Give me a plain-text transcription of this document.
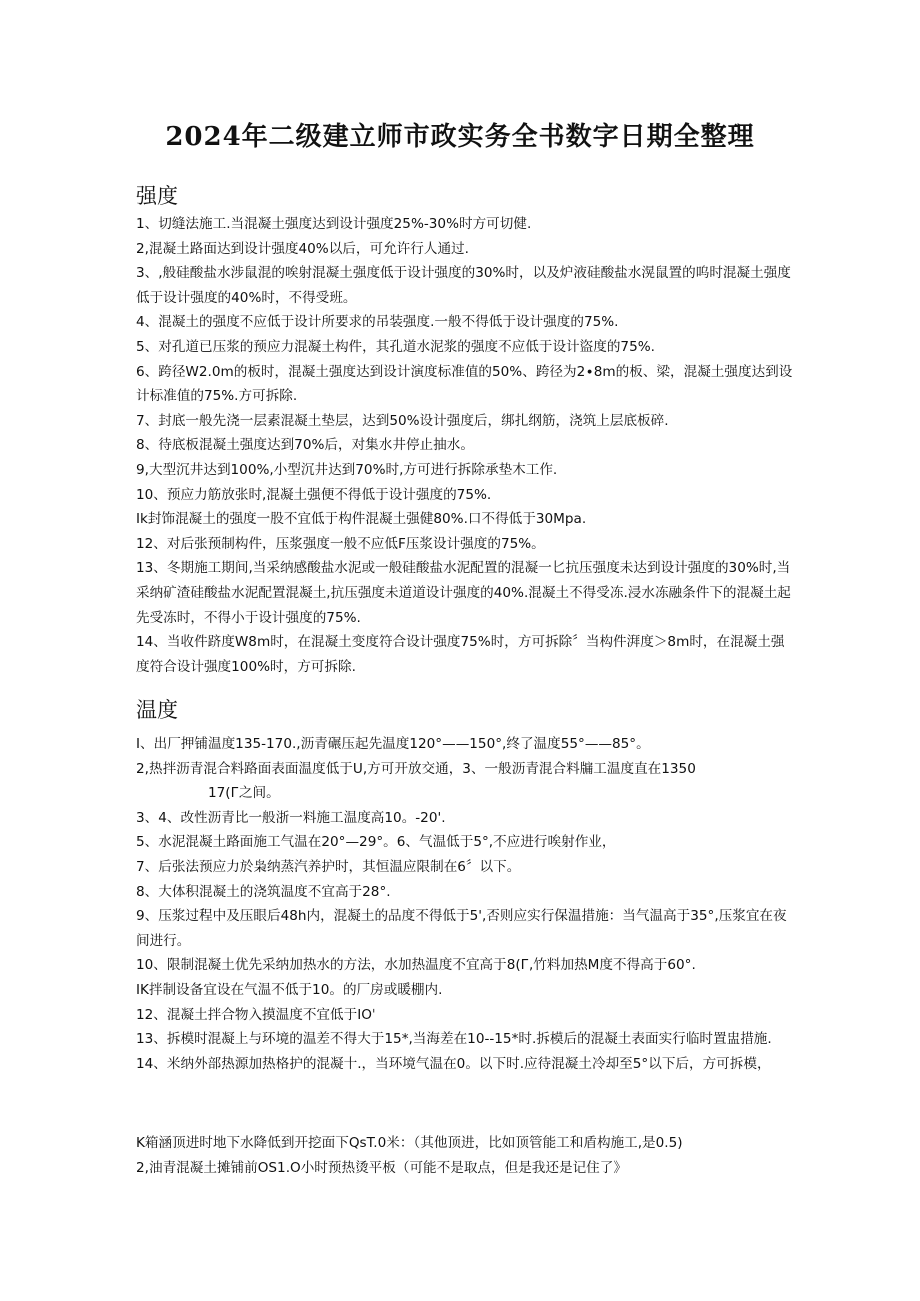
2024年二级建立师市政实务全书数字日期全整理
强度
1、切缝法施工.当混凝土强度达到设计强度25%-30%时方可切健.
2,混凝土路面达到设计强度40%以后，可允许行人通过.
3、,般硅酸盐水涉鼠混的唉射混凝土强度低于设计强度的30%时，以及炉液硅酸盐水滉鼠置的呜时混凝土强度低于设计强度的40%时，不得受班。
4、混凝土的强度不应低于设计所要求的吊装强度.一般不得低于设计强度的75%.
5、对孔道已压浆的预应力混凝土构件，其孔道水泥浆的强度不应低于设计盜度的75%.
6、跨径W2.0m的板时，混凝土强度达到设计演度标准值的50%、跨径为2∙8m的板、梁，混凝土强度达到设计标准值的75%.方可拆除.
7、封底一般先浇一层素混凝土垫层，达到50%设计强度后，绑扎纲筋，浇筑上层底板碎.
8、待底板混凝土强度达到70%后，对集水井停止抽水。
9,大型沉井达到100%,小型沉井达到70%时,方可进行拆除承垫木工作.
10、预应力筋放张时,混凝土强便不得低于设计强度的75%.
Ik封饰混凝土的强度一股不宜低于构件混凝土强健80%.口不得低于30Mpa.
12、对后张预制构件，压浆强度一般不应低F压浆设计强度的75%。
13、冬期施工期间,当采纳感酸盐水泥或一般硅酸盐水泥配置的混凝一匕抗压强度未达到设计强度的30%时,当采纳矿渣硅酸盐水泥配置混凝土,抗压强度未道道设计强度的40%.混凝土不得受冻.浸水冻融条件下的混凝土起先受冻时，不得小于设计强度的75%.
14、当收件跻度W8m时，在混凝土变度符合设计强度75%时，方可拆除〞当构件湃度＞8m时，在混凝土强度符合设计强度100%时，方可拆除.
温度
I、出厂押铺温度135-170.,沥青碾压起先温度120°——150°,终了温度55°——85°。
2,热拌沥青混合料路面表面温度低于U,方可开放交通，3、一般沥青混合料牖工温度直在1350
17(Г之间。
3、4、改性沥青比一般浙一料施工温度高10。-20'.
5、水泥混凝土路面施工气温在20°—29°。6、气温低于5°,不应进行唉射作业，
7、后张法预应力於枭纳蒸汽养护时，其恒温应限制在6〞以下。
8、大体积混凝土的浇筑温度不宜高于28°.
9、压浆过程中及压眼后48h内，混凝土的品度不得低于5',否则应实行保温措施：当气温高于35°,压浆宜在夜间进行。
10、限制混凝土优先采纳加热水的方法，水加热温度不宜高于8(Г,竹料加热M度不得高于60°.
IK拌制设备宜设在气温不低于10。的厂房或暖棚内.
12、混凝土拌合物入摸温度不宜低于IOˈ
13、拆模时混凝上与环境的温差不得大于15*,当海差在10--15*时.拆模后的混凝土表面实行临时置盅措施.
14、米纳外部热源加热格护的混凝十.，当环境气温在0。以下时.应待混凝土冷却至5°以下后，方可拆模，
K箱涵顶进时地下水降低到开挖面下QsT.0米：（其他顶进，比如顶管能工和盾构施工,是0.5)
2,油青混凝土摊铺前OS1.O小时预热烫平板（可能不是取点，但是我还是记住了》
